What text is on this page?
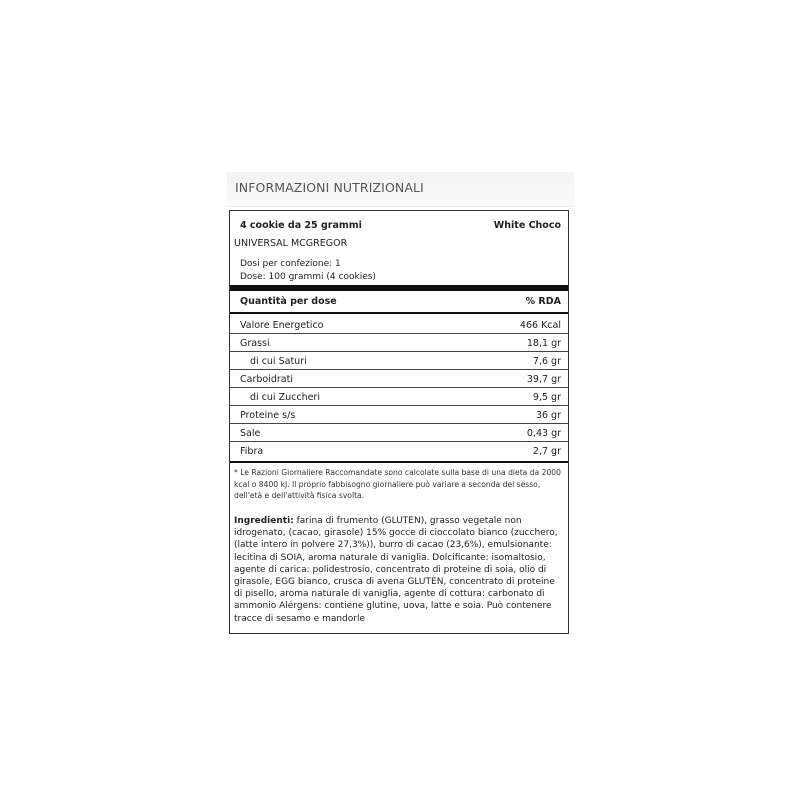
INFORMAZIONI NUTRIZIONALI
4 cookie da 25 grammi	White Choco
UNIVERSAL MCGREGOR
Dosi per confezione: 1
Dose: 100 grammi (4 cookies)
Quantità per dose	% RDA
Valore Energetico	466 Kcal
Grassi	18,1 gr
di cui Saturi	7,6 gr
Carboidrati	39,7 gr
di cui Zuccheri	9,5 gr
Proteine s/s	36 gr
Sale	0,43 gr
Fibra	2,7 gr
* Le Razioni Giornaliere Raccomandate sono calcolate sulla base di una dieta da 2000 kcal o 8400 kJ. Il proprio fabbisogno giornaliere può variare a seconda del sesso, dell'età e dell'attività fisica svolta.
Ingredienti: farina di frumento (GLUTEN), grasso vegetale non idrogenato, (cacao, girasole) 15% gocce di cioccolato bianco (zucchero, (latte intero in polvere 27,3%)), burro di cacao (23,6%), emulsionante: lecitina di SOIA, aroma naturale di vaniglia. Dolcificante: isomaltosio, agente di carica: polidestrosio, concentrato di proteine di soia, olio di girasole, EGG bianco, crusca di avena GLUTEN, concentrato di proteine di pisello, aroma naturale di vaniglia, agente di cottura: carbonato di ammonio Alérgens: contiene glutine, uova, latte e soia. Può contenere tracce di sesamo e mandorle
